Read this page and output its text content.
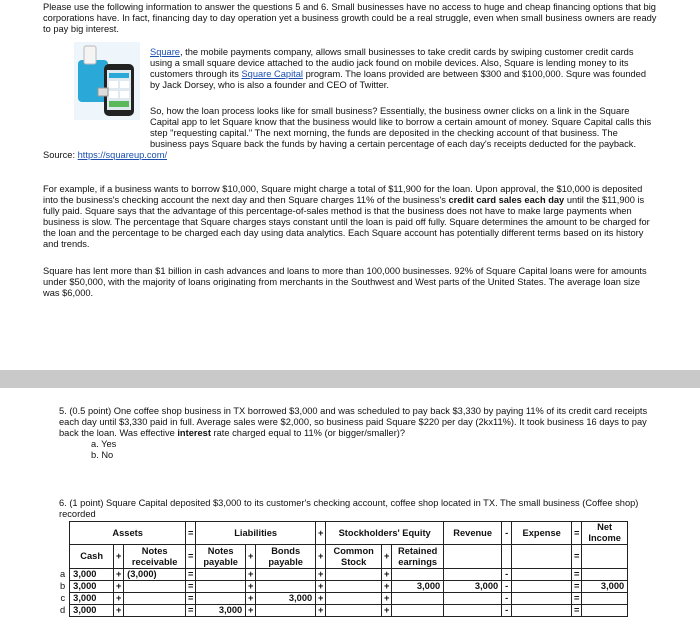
Please use the following information to answer the questions 5 and 6. Small businesses have no access to huge and cheap financing options that big corporations have. In fact, financing day to day operation yet a business growth could be a real struggle, even when small business owners are ready to pay big interest.
Square, the mobile payments company, allows small businesses to take credit cards by swiping customer credit cards using a small square device attached to the audio jack found on mobile devices. Also, Square is lending money to its customers through its Square Capital program. The loans provided are between $300 and $100,000. Squre was founded by Jack Dorsey, who is also a founder and CEO of Twitter.
So, how the loan process looks like for small business? Essentially, the business owner clicks on a link in the Square Capital app to let Square know that the business would like to borrow a certain amount of money. Square Capital calls this step "requesting capital." The next morning, the funds are deposited in the checking account of that business. The business pays Square back the funds by having a certain percentage of each day's receipts deducted for the payback.
Source: https://squareup.com/
For example, if a business wants to borrow $10,000, Square might charge a total of $11,900 for the loan. Upon approval, the $10,000 is deposited into the business's checking account the next day and then Square charges 11% of the business's credit card sales each day until the $11,900 is fully paid. Square says that the advantage of this percentage-of-sales method is that the business does not have to make large payments when business is slow. The percentage that Square charges stays constant until the loan is paid off fully. Square determines the amount to be charged for the loan and the percentage to be charged each day using data analytics. Each Square account has potentially different terms based on its history and trends.
Square has lent more than $1 billion in cash advances and loans to more than 100,000 businesses. 92% of Square Capital loans were for amounts under $50,000, with the majority of loans originating from merchants in the Southwest and West parts of the United States. The average loan size was $6,000.
5. (0.5 point) One coffee shop business in TX borrowed $3,000 and was scheduled to pay back $3,330 by paying 11% of its credit card receipts each day until $3,330 paid in full. Average sales were $2,000, so business paid Square $220 per day (2kx11%). It took business 16 days to pay back the loan. Was effective interest rate charged equal to 11% (or bigger/smaller)?
a. Yes
b. No
6. (1 point) Square Capital deposited $3,000 to its customer's checking account, coffee shop located in TX. The small business (Coffee shop) recorded
	Assets			=	Liabilities			+	Stockholders' Equity			Revenue	-	Expense	=	Net Income
	Cash	+	Notes receivable	=	Notes payable	+	Bonds payable	+	Common Stock	+	Retained earnings				=	
a	3,000	+	(3,000)	=		+		+		+			-		=	
b	3,000	+		=		+		+		+	3,000	3,000	-		=	3,000
c	3,000	+		=		+	3,000	+		+			-		=	
d	3,000	+		=	3,000	+		+		+			-		=	
